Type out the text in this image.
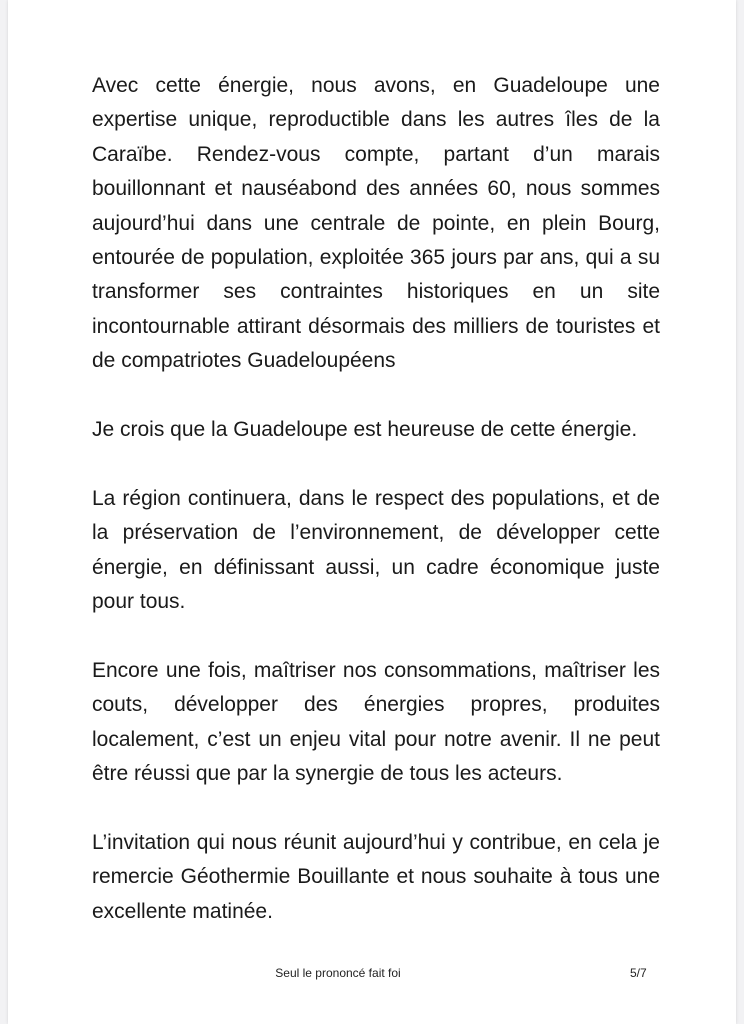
Avec cette énergie, nous avons, en Guadeloupe une expertise unique, reproductible dans les autres îles de la Caraïbe. Rendez-vous compte, partant d’un marais bouillonnant et nauséabond des années 60, nous sommes aujourd’hui dans une centrale de pointe, en plein Bourg, entourée de population, exploitée 365 jours par ans, qui a su transformer ses contraintes historiques en un site incontournable attirant désormais des milliers de touristes et de compatriotes Guadeloupéens

Je crois que la Guadeloupe est heureuse de cette énergie.

La région continuera, dans le respect des populations, et de la préservation de l’environnement, de développer cette énergie, en définissant aussi, un cadre économique juste pour tous.

Encore une fois, maîtriser nos consommations, maîtriser les couts, développer des énergies propres, produites localement, c’est un enjeu vital pour notre avenir. Il ne peut être réussi que par la synergie de tous les acteurs.

L’invitation qui nous réunit aujourd’hui y contribue, en cela je remercie Géothermie Bouillante et nous souhaite à tous une excellente matinée.

Seul le prononcé fait foi	5/7
